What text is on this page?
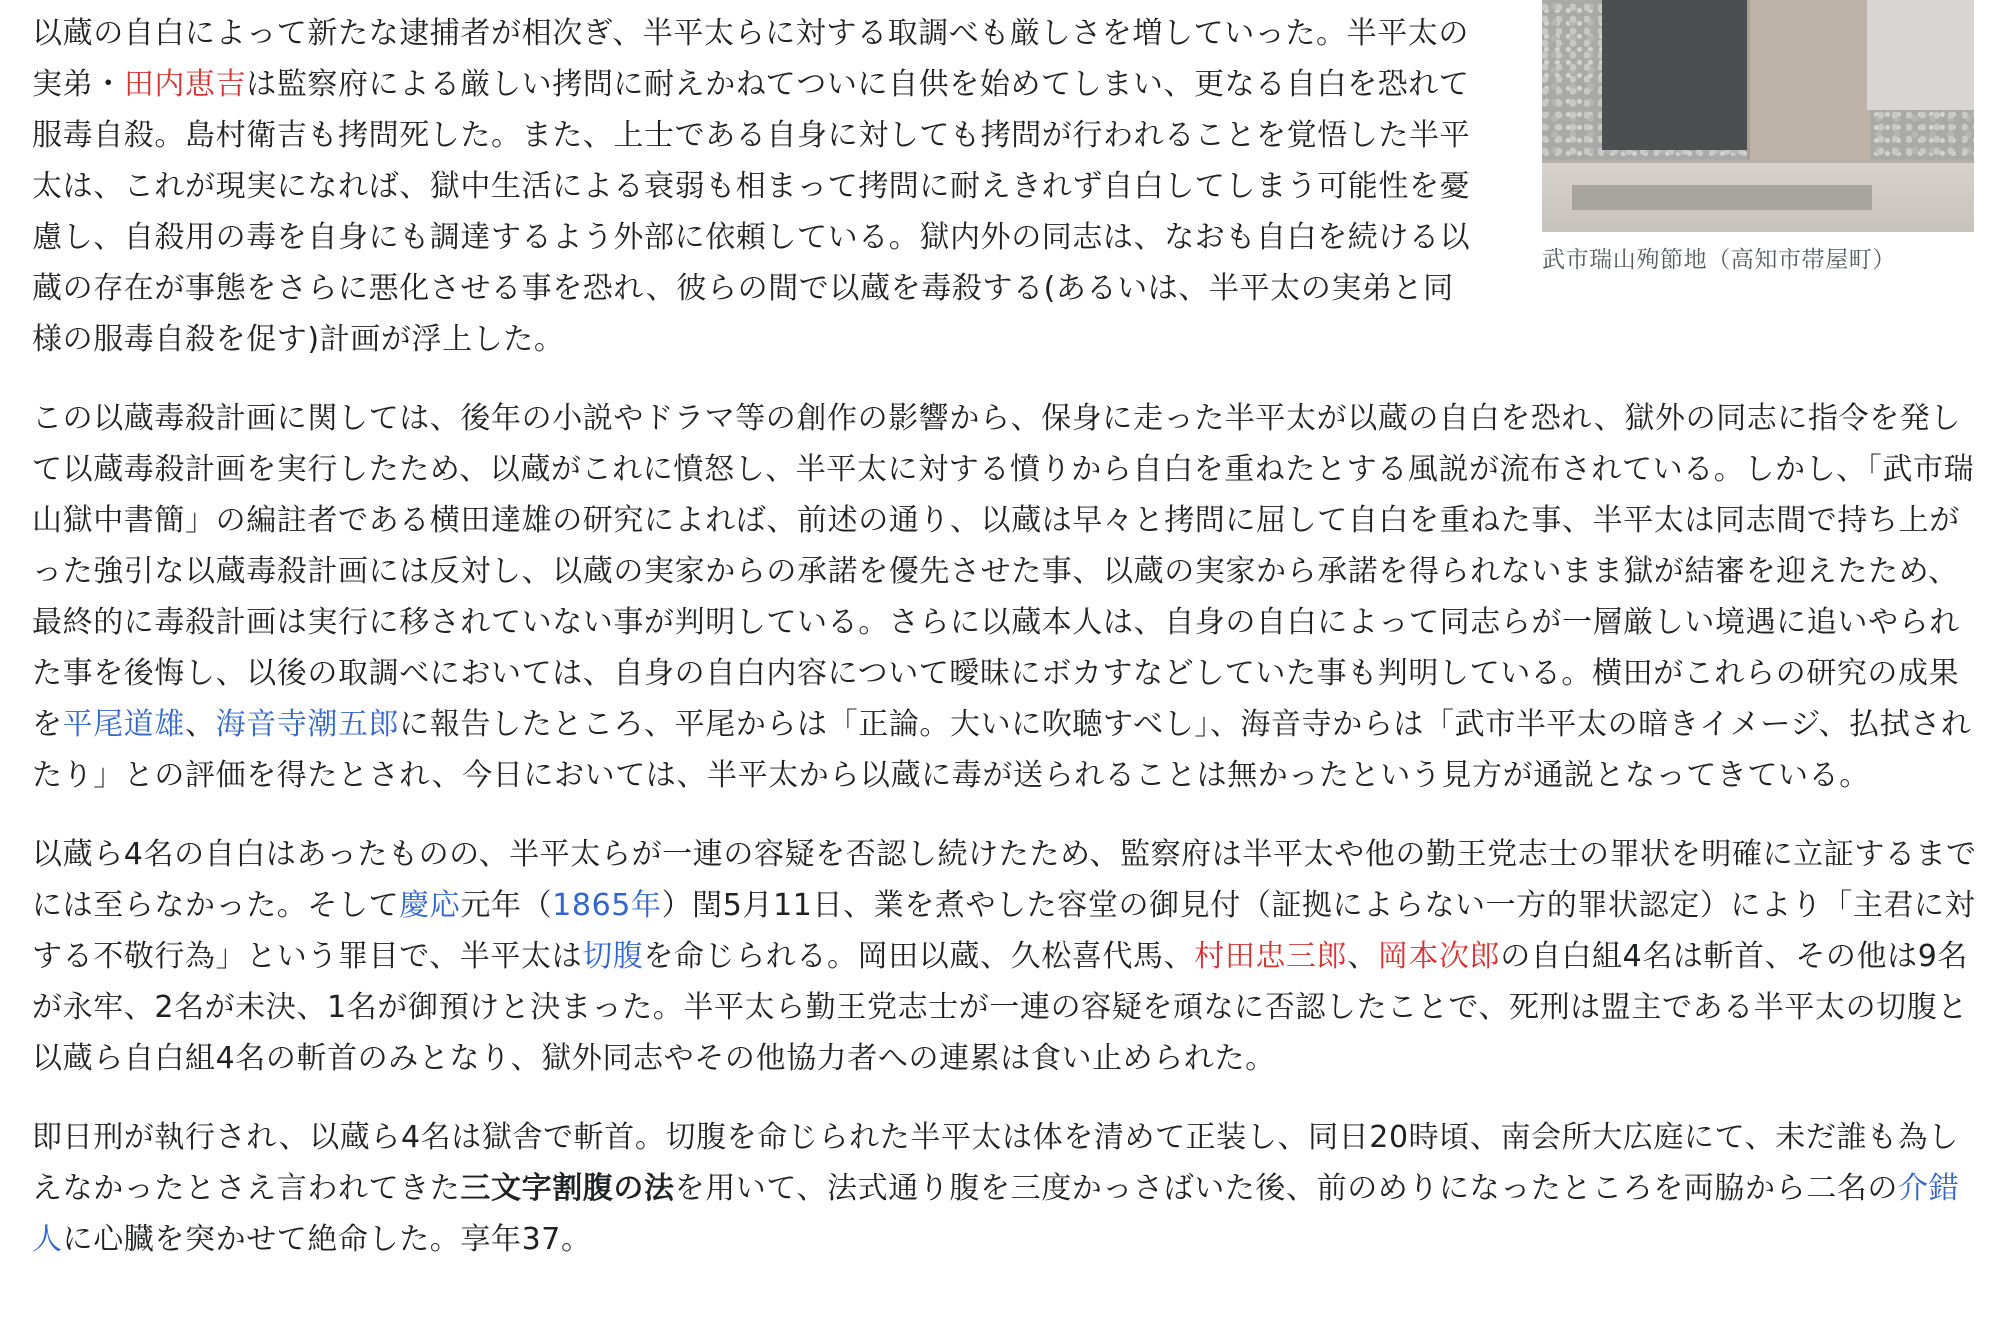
武市瑞山殉節地（高知市帯屋町）
以蔵の自白によって新たな逮捕者が相次ぎ、半平太らに対する取調べも厳しさを増していった。半平太の実弟・田内恵吉は監察府による厳しい拷問に耐えかねてついに自供を始めてしまい、更なる自白を恐れて服毒自殺。島村衛吉も拷問死した。また、上士である自身に対しても拷問が行われることを覚悟した半平太は、これが現実になれば、獄中生活による衰弱も相まって拷問に耐えきれず自白してしまう可能性を憂慮し、自殺用の毒を自身にも調達するよう外部に依頼している。獄内外の同志は、なおも自白を続ける以蔵の存在が事態をさらに悪化させる事を恐れ、彼らの間で以蔵を毒殺する(あるいは、半平太の実弟と同様の服毒自殺を促す)計画が浮上した。

この以蔵毒殺計画に関しては、後年の小説やドラマ等の創作の影響から、保身に走った半平太が以蔵の自白を恐れ、獄外の同志に指令を発して以蔵毒殺計画を実行したため、以蔵がこれに憤怒し、半平太に対する憤りから自白を重ねたとする風説が流布されている。しかし、「武市瑞山獄中書簡」の編註者である横田達雄の研究によれば、前述の通り、以蔵は早々と拷問に屈して自白を重ねた事、半平太は同志間で持ち上がった強引な以蔵毒殺計画には反対し、以蔵の実家からの承諾を優先させた事、以蔵の実家から承諾を得られないまま獄が結審を迎えたため、最終的に毒殺計画は実行に移されていない事が判明している。さらに以蔵本人は、自身の自白によって同志らが一層厳しい境遇に追いやられた事を後悔し、以後の取調べにおいては、自身の自白内容について曖昧にボカすなどしていた事も判明している。横田がこれらの研究の成果を平尾道雄、海音寺潮五郎に報告したところ、平尾からは「正論。大いに吹聴すべし」、海音寺からは「武市半平太の暗きイメージ、払拭されたり」との評価を得たとされ、今日においては、半平太から以蔵に毒が送られることは無かったという見方が通説となってきている。

以蔵ら4名の自白はあったものの、半平太らが一連の容疑を否認し続けたため、監察府は半平太や他の勤王党志士の罪状を明確に立証するまでには至らなかった。そして慶応元年（1865年）閏5月11日、業を煮やした容堂の御見付（証拠によらない一方的罪状認定）により「主君に対する不敬行為」という罪目で、半平太は切腹を命じられる。岡田以蔵、久松喜代馬、村田忠三郎、岡本次郎の自白組4名は斬首、その他は9名が永牢、2名が未決、1名が御預けと決まった。半平太ら勤王党志士が一連の容疑を頑なに否認したことで、死刑は盟主である半平太の切腹と以蔵ら自白組4名の斬首のみとなり、獄外同志やその他協力者への連累は食い止められた。

即日刑が執行され、以蔵ら4名は獄舎で斬首。切腹を命じられた半平太は体を清めて正装し、同日20時頃、南会所大広庭にて、未だ誰も為しえなかったとさえ言われてきた三文字割腹の法を用いて、法式通り腹を三度かっさばいた後、前のめりになったところを両脇から二名の介錯人に心臓を突かせて絶命した。享年37。
